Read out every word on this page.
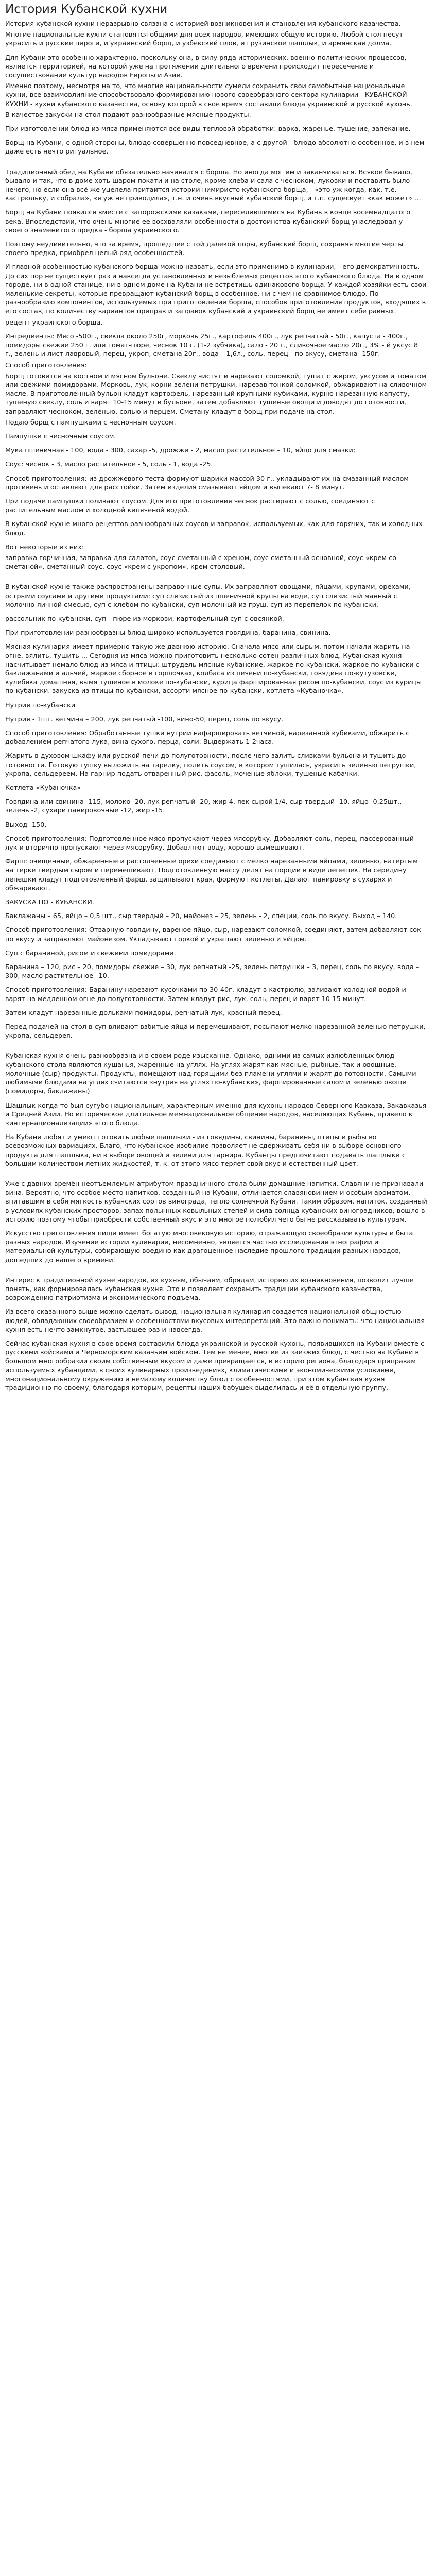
История Кубанской кухни

История кубанской кухни неразрывно связана с историей возникновения и становления кубанского казачества.

Многие национальные кухни становятся общими для всех народов, имеющих общую историю. Любой стол несут украсить и русские пироги, и украинский борщ, и узбекский плов, и грузинское шашлык, и армянская долма.

Для Кубани это особенно характерно, поскольку она, в силу ряда исторических, военно-политических процессов, является территорией, на которой уже на протяжении длительного времени происходит пересечение и сосуществование культур народов Европы и Азии.

Именно поэтому, несмотря на то, что многие национальности сумели сохранить свои самобытные национальные кухни, все взаимовлияние способствовало формированию нового своеобразного сектора кулинарии - КУБАНСКОЙ КУХНИ - кухни кубанского казачества, основу которой в свое время составили блюда украинской и русской кухонь.

В качестве закуски на стол подают разнообразные мясные продукты.

При изготовлении блюд из мяса применяются все виды тепловой обработки: варка, жаренье, тушение, запекание.

Борщ на Кубани, с одной стороны, блюдо совершенно повседневное, а с другой - блюдо абсолютно особенное, и в нем даже есть нечто ритуальное.

Традиционный обед на Кубани обязательно начинался с борща. Но иногда мог им и заканчиваться. Всякое бывало, бывало и так, что в доме хоть шаром покати и на столе, кроме хлеба и сала с чесноком, луковки и поставить было нечего, но если она всё же уцелела притаится истории нимиристо кубанского борща, - «это уж когда, как, т.е. кастрюльку, и собрала», «я уж не приводила», т.н. и очень вкусный кубанский борщ, и т.п. сущесвует «как может» …

Борщ на Кубани появился вместе с запорожскими казаками, переселившимися на Кубань в конце восемнадцатого века. Впоследствии, что очень многие ее восхваляли особенности в достоинства кубанский борщ унаследовал у своего знаменитого предка - борща украинского.

Поэтому неудивительно, что за время, прошедшее с той далекой поры, кубанский борщ, сохраняя многие черты своего предка, приобрел целый ряд особенностей.

И главной особенностью кубанского борща можно назвать, если это применимо в кулинарии, - его демократичность. До сих пор не существует раз и навсегда установленных и незыблемых рецептов этого кубанского блюда. Ни в одном городе, ни в одной станице, ни в одном доме на Кубани не встретишь одинакового борща. У каждой хозяйки есть свои маленькие секреты, которые превращают кубанский борщ в особенное, ни с чем не сравнимое блюдо. По разнообразию компонентов, используемых при приготовлении борща, способов приготовления продуктов, входящих в его состав, по количеству вариантов приправ и заправок кубанский и украинский борщ не имеет себе равных.

рецепт украинского борща.

Ингредиенты: Мясо -500г., свекла около 250г, морковь 25г., картофель 400г., лук репчатый - 50г., капуста - 400г., помидоры свежие 250 г. или томат-пюре, чеснок 10 г. (1-2 зубчика), сало - 20 г., сливочное масло 20г., 3% - й уксус 8 г., зелень и лист лавровый, перец, укроп, сметана 20г., вода – 1,6л., соль, перец - по вкусу, сметана -150г.

Способ приготовления:

Борщ готовится на костном и мясном бульоне. Свеклу чистят и нарезают соломкой, тушат с жиром, уксусом и томатом или свежими помидорами. Морковь, лук, корни зелени петрушки, нарезав тонкой соломкой, обжаривают на сливочном масле. В приготовленный бульон кладут картофель, нарезанный крупными кубиками, курню нарезанную капусту, тушеную свеклу, соль и варят 10-15 минут в бульоне, затем добавляют тушеные овощи и доводят до готовности, заправляют чесноком, зеленью, солью и перцем. Сметану кладут в борщ при подаче на стол.

Подаю борщ с пампушками с чесночным соусом.

Пампушки с чесночным соусом.

Мука пшеничная - 100, вода - 300, сахар -5, дрожжи - 2, масло растительное – 10, яйцо для смазки;

Соус: чеснок - 3, масло растительное - 5, соль - 1, вода -25.

Способ приготовления: из дрожжевого теста формуют шарики массой 30 г., укладывают их на смазанный маслом противень и оставляют для расстойки. Затем изделия смазывают яйцом и выпекают 7- 8 минут.

При подаче пампушки поливают соусом. Для его приготовления чеснок растирают с солью, соединяют с растительным маслом и холодной кипяченой водой.

В кубанской кухне много рецептов разнообразных соусов и заправок, используемых, как для горячих, так и холодных блюд.

Вот некоторые из них:

заправка горчичная, заправка для салатов, соус сметанный с хреном, соус сметанный основной, соус «крем со сметаной», сметанный соус, соус «крем с укропом», крем столовый.

В кубанской кухне также распространены заправочные супы. Их заправляют овощами, яйцами, крупами, орехами, острыми соусами и другими продуктами: суп слизистый из пшеничной крупы на воде, суп слизистый манный с молочно-яичной смесью, суп с хлебом по-кубански, суп молочный из груш, суп из перепелок по-кубански,

рассольник по-кубански, суп - пюре из моркови, картофельный суп с овсянкой.

При приготовлении разнообразны блюд широко используется говядина, баранина, свинина.

Мясная кулинария имеет примерно такую же давнюю историю. Сначала мясо или сырым, потом начали жарить на огне, вялить, тушить ... Сегодня из мяса можно приготовить несколько сотен различных блюд. Кубанская кухня насчитывает немало блюд из мяса и птицы: штрудель мясные кубанские, жаркое по-кубански, жаркое по-кубански с баклажанами и альчей, жаркое сборное в горшочках, колбаса из печени по-кубански, говядина по-кутузовски, кулебяка домашняя, вымя тушеное в молоке по-кубански, курица фаршированная рисом по-кубански, соус из курицы по-кубански. закуска из птицы по-кубански, ассорти мясное по-кубански, котлета «Кубаночка».

Нутрия по-кубански

Нутрия - 1шт. ветчина – 200, лук репчатый -100, вино-50, перец, соль по вкусу.

Способ приготовления: Обработанные тушки нутрии нафаршировать ветчиной, нарезанной кубиками, обжарить с добавлением репчатого лука, вина сухого, перца, соли. Выдержать 1-2часа.

Жарить в духовом шкафу или русской печи до полуготовности, после чего залить сливками бульона и тушить до готовности. Готовую тушку выложить на тарелку, полить соусом, в котором тушилась, украсить зеленью петрушки, укропа, сельдереем. На гарнир подать отваренный рис, фасоль, моченые яблоки, тушеные кабачки.

Котлета «Кубаночка»

Говядина или свинина -115, молоко -20, лук репчатый -20, жир 4, яек сырой 1/4, сыр твердый -10, яйцо -0,25шт., зелень -2, сухари панировочные -12, жир -15.

Выход -150.

Способ приготовления: Подготовленное мясо пропускают через мясорубку. Добавляют соль, перец, пассерованный лук и вторично пропускают через мясорубку. Добавляют воду, хорошо вымешивают.

Фарш: очищенные, обжаренные и растолченные орехи соединяют с мелко нарезанными яйцами, зеленью, натертым на терке твердым сыром и перемешивают. Подготовленную массу делят на порции в виде лепешек. На середину лепешки кладут подготовленный фарш, защипывают края, формуют котлеты. Делают панировку в сухарях и обжаривают.

ЗАКУСКА ПО - КУБАНСКИ.

Баклажаны – 65, яйцо – 0,5 шт., сыр твердый – 20, майонез – 25, зелень - 2, специи, соль по вкусу. Выход – 140.

Способ приготовления: Отварную говядину, вареное яйцо, сыр, нарезают соломкой, соединяют, затем добавляют сок по вкусу и заправляют майонезом. Укладывают горкой и украшают зеленью и яйцом.

Суп с бараниной, рисом и свежими помидорами.

Баранина – 120, рис – 20, помидоры свежие – 30, лук репчатый -25, зелень петрушки – 3, перец, соль по вкусу, вода – 300, масло растительное –10.

Способ приготовления: Баранину нарезают кусочками по 30-40г, кладут в кастрюлю, заливают холодной водой и варят на медленном огне до полуготовности. Затем кладут рис, лук, соль, перец и варят 10-15 минут.

Затем кладут нарезанные дольками помидоры, репчатый лук, красный перец.

Перед подачей на стол в суп вливают взбитые яйца и перемешивают, посыпают мелко нарезанной зеленью петрушки, укропа, сельдерея.

Кубанская кухня очень разнообразна и в своем роде изысканна. Однако, одними из самых излюбленных блюд кубанского стола являются кушанья, жаренные на углях. На углях жарят как мясные, рыбные, так и овощные, молочные (сыр) продукты. Продукты, помещают над горящими без пламени углями и жарят до готовности. Самыми любимыми блюдами на углях считаются «нутрия на углях по-кубански», фаршированные салом и зеленью овощи (помидоры, баклажаны).

Шашлык когда-то был сугубо национальным, характерным именно для кухонь народов Северного Кавказа, Закавказья и Средней Азии. Но историческое длительное межнациональное общение народов, населяющих Кубань, привело к «интернационализации» этого блюда.

На Кубани любят и умеют готовить любые шашлыки - из говядины, свинины, баранины, птицы и рыбы во всевозможных вариациях. Благо, что кубанское изобилие позволяет не сдерживать себя ни в выборе основного продукта для шашлыка, ни в выборе овощей и зелени для гарнира. Кубанцы предпочитают подавать шашлыки с большим количеством летних жидкостей, т. к. от этого мясо теряет свой вкус и естественный цвет.

Уже с давних времён неотъемлемым атрибутом праздничного стола были домашние напитки. Славяни не признавали вина. Вероятно, что особое место напитков, созданный на Кубани, отличается славяновинием и особым ароматом, впитавшим в себя мягкость кубанских сортов винограда, тепло солнечной Кубани. Таким образом, напиток, созданный в условиях кубанских просторов, запах полынных ковыльных степей и сила солнца кубанских виноградников, вошло в историю поэтому чтобы приобрести собственный вкус и это многое полюбил чего бы не рассказывать культурам.

Искусство приготовления пищи имеет богатую многовековую историю, отражающую своеобразие культуры и быта разных народов. Изучение истории кулинарии, несомненно, является частью исследования этнографии и материальной культуры, собирающую воедино как драгоценное наследие прошлого традиции разных народов, дошедших до нашего времени.

Интерес к традиционной кухне народов, их кухням, обычаям, обрядам, историю их возникновения, позволит лучше понять, как формировалась кубанская кухня. Это и позволяет сохранить традиции кубанского казачества, возрождению патриотизма и экономического подъема.

Из всего сказанного выше можно сделать вывод: национальная кулинария создается национальной общностью людей, обладающих своеобразием и особенностями вкусовых интерпретаций. Это важно понимать: что национальная кухня есть нечто замкнутое, застывшее раз и навсегда.

Сейчас кубанская кухня в свое время составили блюда украинской и русской кухонь, появившихся на Кубани вместе с русскими войсками и Черноморским казачьим войском. Тем не менее, многие из заезжих блюд, с честью на Кубани в большом многообразии своим собственным вкусом и даже превращается, в историю региона, благодаря приправам используемых кубанцами, в своих кулинарных произведениях, климатическими и экономическими условиями, многонациональному окружению и немалому количеству блюд с особенностями, при этом кубанская кухня традиционно по-своему, благодаря которым, рецепты наших бабушек выделилась и её в отдельную группу.
